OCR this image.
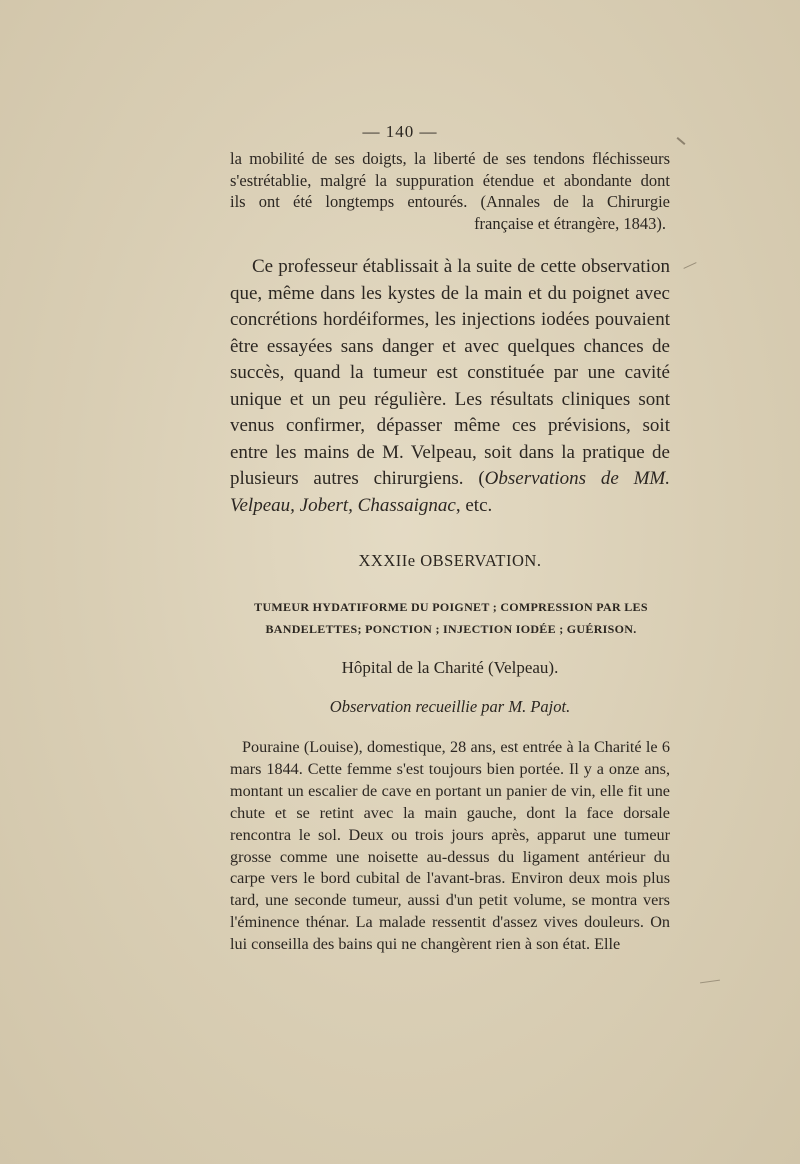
— 140 —
la mobilité de ses doigts, la liberté de ses tendons fléchisseurs
s'estrétablie, malgré la suppuration étendue et abondante dont
ils ont été longtemps entourés. (Annales de la Chirurgie
française et étrangère, 1843).

Ce professeur établissait à la suite de cette observation que, même dans les kystes de la main et du poignet avec concrétions hordéiformes, les injections iodées pouvaient être essayées sans danger et avec quelques chances de succès, quand la tumeur est constituée par une cavité unique et un peu régulière. Les résultats cliniques sont venus confirmer, dépasser même ces prévisions, soit entre les mains de M. Velpeau, soit dans la pratique de plusieurs autres chirurgiens. (Observations de MM. Velpeau, Jobert, Chassaignac, etc.

XXXIIe OBSERVATION.
TUMEUR HYDATIFORME DU POIGNET ; COMPRESSION PAR LES BANDELETTES; PONCTION ; INJECTION IODÉE ; GUÉRISON.
Hôpital de la Charité (Velpeau).
Observation recueillie par M. Pajot.

Pouraine (Louise), domestique, 28 ans, est entrée à la Charité le 6 mars 1844. Cette femme s'est toujours bien portée. Il y a onze ans, montant un escalier de cave en portant un panier de vin, elle fit une chute et se retint avec la main gauche, dont la face dorsale rencontra le sol. Deux ou trois jours après, apparut une tumeur grosse comme une noisette au-dessus du ligament antérieur du carpe vers le bord cubital de l'avant-bras. Environ deux mois plus tard, une seconde tumeur, aussi d'un petit volume, se montra vers l'éminence thénar. La malade ressentit d'assez vives douleurs. On lui conseilla des bains qui ne changèrent rien à son état. Elle
